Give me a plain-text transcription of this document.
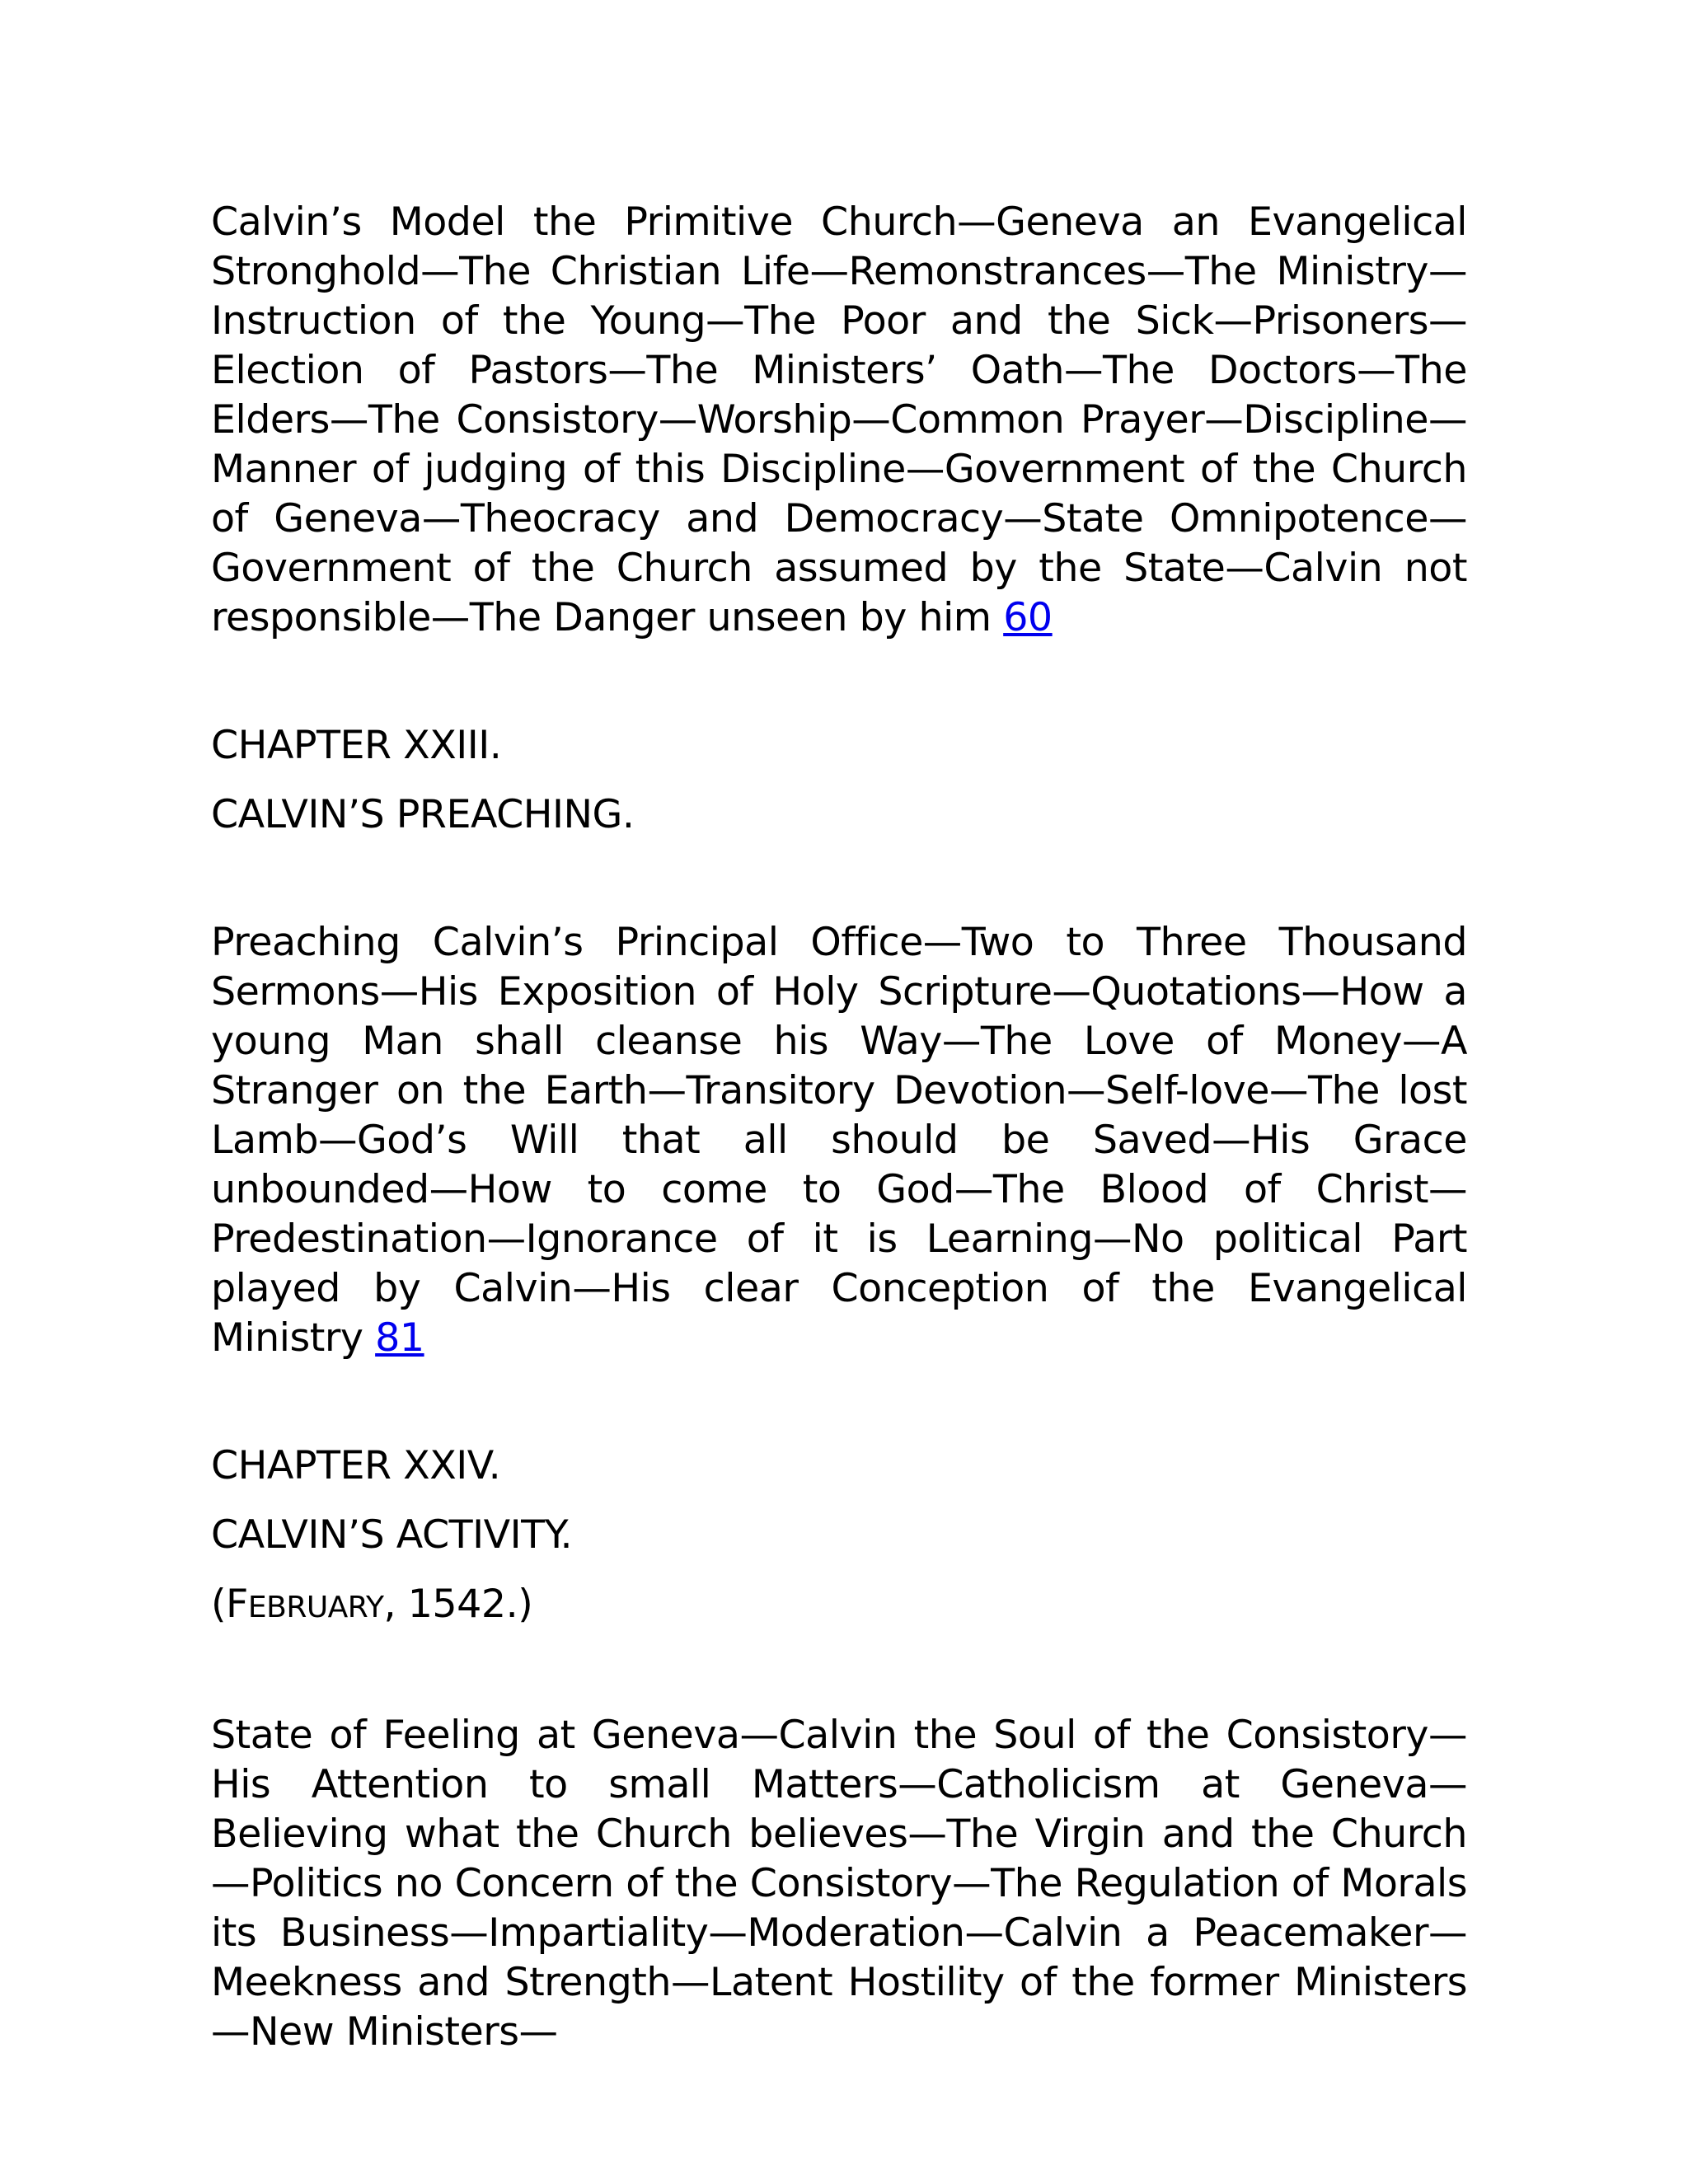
Calvin’s Model the Primitive Church—Geneva an Evangelical Stronghold—The Christian Life—Remonstrances—The Ministry—Instruction of the Young—The Poor and the Sick—Prisoners—Election of Pastors—The Ministers’ Oath—The Doctors—The Elders—The Consistory—Worship—Common Prayer—Discipline—Manner of judging of this Discipline—Government of the Church of Geneva—Theocracy and Democracy—State Omnipotence—Government of the Church assumed by the State—Calvin not responsible—The Danger unseen by him 60

CHAPTER XXIII.

CALVIN’S PREACHING.

Preaching Calvin’s Principal Office—Two to Three Thousand Sermons—His Exposition of Holy Scripture—Quotations—How a young Man shall cleanse his Way—The Love of Money—A Stranger on the Earth—Transitory Devotion—Self-love—The lost Lamb—God’s Will that all should be Saved—His Grace unbounded—How to come to God—The Blood of Christ—Predestination—Ignorance of it is Learning—No political Part played by Calvin—His clear Conception of the Evangelical Ministry 81

CHAPTER XXIV.

CALVIN’S ACTIVITY.

(FEBRUARY, 1542.)

State of Feeling at Geneva—Calvin the Soul of the Consistory—His Attention to small Matters—Catholicism at Geneva—Believing what the Church believes—The Virgin and the Church—Politics no Concern of the Consistory—The Regulation of Morals its Business—Impartiality—Moderation—Calvin a Peacemaker—Meekness and Strength—Latent Hostility of the former Ministers—New Ministers—
